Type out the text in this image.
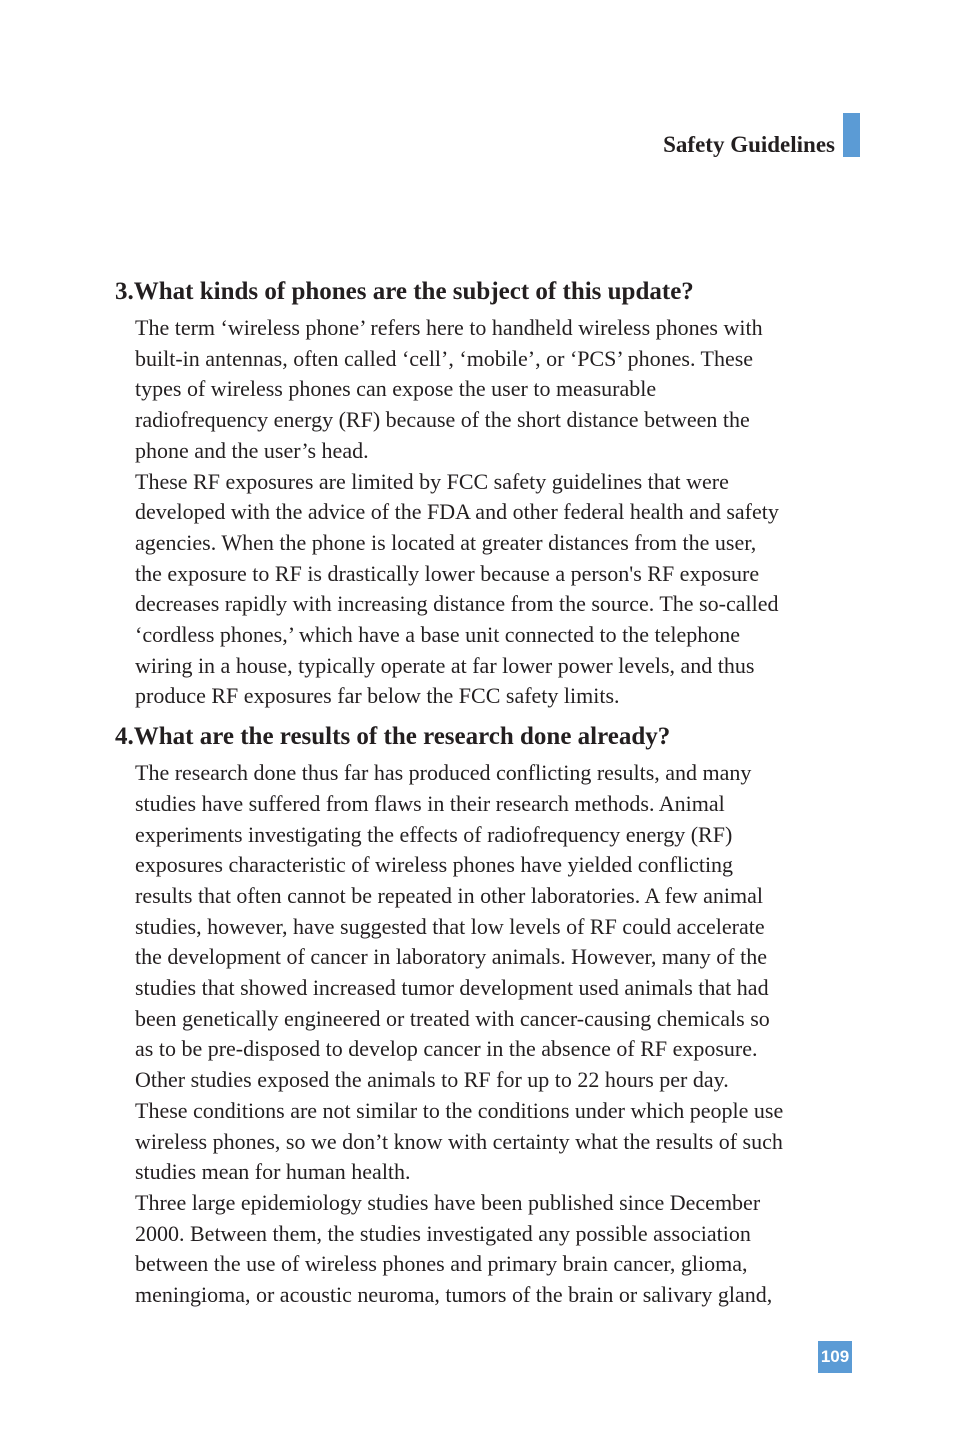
Safety Guidelines
3.What kinds of phones are the subject of this update?

The term ‘wireless phone’ refers here to handheld wireless phones with
built-in antennas, often called ‘cell’, ‘mobile’, or ‘PCS’ phones. These
types of wireless phones can expose the user to measurable
radiofrequency energy (RF) because of the short distance between the
phone and the user’s head.

These RF exposures are limited by FCC safety guidelines that were
developed with the advice of the FDA and other federal health and safety
agencies. When the phone is located at greater distances from the user,
the exposure to RF is drastically lower because a person's RF exposure
decreases rapidly with increasing distance from the source. The so-called
‘cordless phones,’ which have a base unit connected to the telephone
wiring in a house, typically operate at far lower power levels, and thus
produce RF exposures far below the FCC safety limits.

4.What are the results of the research done already?

The research done thus far has produced conflicting results, and many
studies have suffered from flaws in their research methods. Animal
experiments investigating the effects of radiofrequency energy (RF)
exposures characteristic of wireless phones have yielded conflicting
results that often cannot be repeated in other laboratories. A few animal
studies, however, have suggested that low levels of RF could accelerate
the development of cancer in laboratory animals. However, many of the
studies that showed increased tumor development used animals that had
been genetically engineered or treated with cancer-causing chemicals so
as to be pre-disposed to develop cancer in the absence of RF exposure.
Other studies exposed the animals to RF for up to 22 hours per day.
These conditions are not similar to the conditions under which people use
wireless phones, so we don’t know with certainty what the results of such
studies mean for human health.

Three large epidemiology studies have been published since December
2000. Between them, the studies investigated any possible association
between the use of wireless phones and primary brain cancer, glioma,
meningioma, or acoustic neuroma, tumors of the brain or salivary gland,

109
